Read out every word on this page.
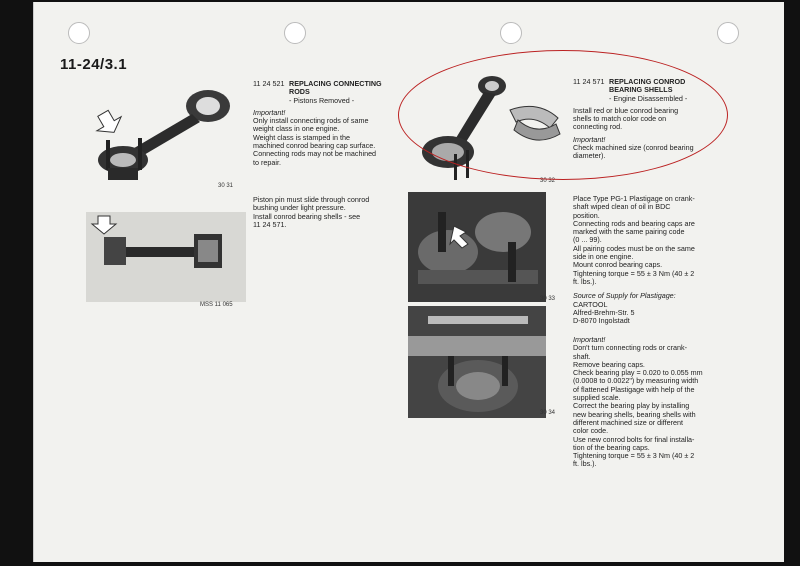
11-24/3.1
30 31
MSS 11 065

11 24 521 REPLACING CONNECTING
RODS
- Pistons Removed -

Important!
Only install connecting rods of same
weight class in one engine.
Weight class is stamped in the
machined conrod bearing cap surface.
Connecting rods may not be machined
to repair.
Piston pin must slide through conrod
bushing under light pressure.
Install conrod bearing shells - see
11 24 571.
30 32
30 33
30 34

11 24 571 REPLACING CONROD
BEARING SHELLS
- Engine Disassembled -

Install red or blue conrod bearing
shells to match color code on
connecting rod.
Important!
Check machined size (conrod bearing
diameter).
Place Type PG-1 Plastigage on crank-
shaft wiped clean of oil in BDC
position.
Connecting rods and bearing caps are
marked with the same pairing code
(0 ... 99).
All pairing codes must be on the same
side in one engine.
Mount conrod bearing caps.
Tightening torque = 55 ± 3 Nm (40 ± 2
ft. lbs.).
Source of Supply for Plastigage:
CARTOOL
Alfred-Brehm-Str. 5
D-8070 Ingolstadt
Important!
Don't turn connecting rods or crank-
shaft.
Remove bearing caps.
Check bearing play = 0.020 to 0.055 mm
(0.0008 to 0.0022") by measuring width
of flattened Plastigage with help of the
supplied scale.
Correct the bearing play by installing
new bearing shells, bearing shells with
different machined size or different
color code.
Use new conrod bolts for final installa-
tion of the bearing caps.
Tightening torque = 55 ± 3 Nm (40 ± 2
ft. lbs.).
